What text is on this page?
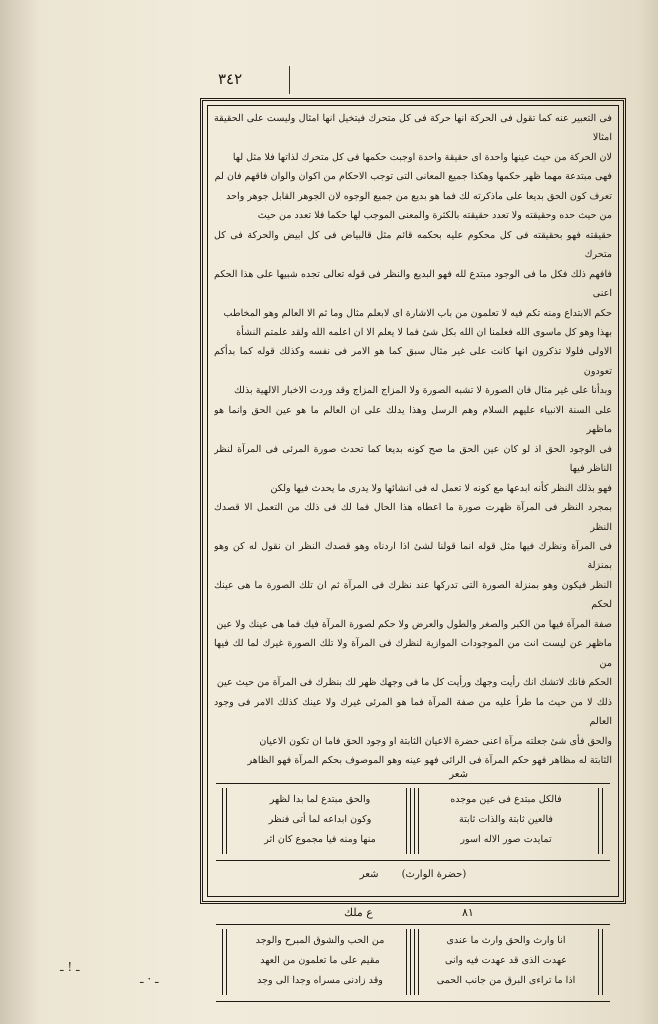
٣٤٢
فى التعبير عنه كما تقول فى الحركة انها حركة فى كل متحرك فيتخيل انها امثال وليست على الحقيقة امثالا
لان الحركة من حيث عينها واحدة اى حقيقة واحدة اوجبت حكمها فى كل متحرك لذاتها فلا مثل لها
فهى مبتدعة مهما ظهر حكمها وهكذا جميع المعانى التى توجب الاحكام من اكوان والوان فاقهم فان لم
تعرف كون الحق بديعا على ماذكرته لك فما هو بديع من جميع الوجوه لان الجوهر القابل جوهر واحد
من حيث حده وحقيقته ولا تعدد حقيقته بالكثرة والمعنى الموجب لها حكما فلا تعدد من حيث
حقيقته فهو بحقيقته فى كل محكوم عليه بحكمه قائم مثل قالبياض فى كل ابيض والحركة فى كل متحرك
فافهم ذلك فكل ما فى الوجود مبتدع لله فهو البديع والنظر فى قوله تعالى تجده شبيها على هذا الحكم اعنى
حكم الابتداع ومنه تكم فيه لا تعلمون من باب الاشارة اى لابعلم مثال وما ثم الا العالم وهو المخاطب
بهذا وهو كل ماسوى الله فعلمنا ان الله بكل شئ فما لا يعلم الا ان اعلمه الله ولقد علمتم النشأة
الاولى فلولا تذكرون انها كانت على غير مثال سبق كما هو الامر فى نفسه وكذلك قوله كما بدأكم تعودون
وبدأنا على غير مثال فان الصورة لا تشبه الصورة ولا المزاج المزاج وقد وردت الاخبار الالهية بذلك
على السنة الانبياء عليهم السلام وهم الرسل وهذا يدلك على ان العالم ما هو عين الحق وانما هو ماظهر
فى الوجود الحق اذ لو كان عين الحق ما صح كونه بديعا كما تحدث صورة المرئى فى المرآة لنظر الناظر فيها
فهو بذلك النظر كأنه ابدعها مع كونه لا تعمل له فى انشائها ولا يدرى ما يحدث فيها ولكن
بمجرد النظر فى المرآة ظهرت صورة ما اعطاه هذا الحال فما لك فى ذلك من التعمل الا قصدك النظر
فى المرآة ونظرك فيها مثل قوله انما قولنا لشئ اذا اردناه وهو قصدك النظر ان نقول له كن وهو بمنزلة
النظر فيكون وهو بمنزلة الصورة التى تدركها عند نظرك فى المرآة ثم ان تلك الصورة ما هى عينك لحكم
صفة المرآة فيها من الكبر والصغر والطول والعرض ولا حكم لصورة المرآة فيك فما هى عينك ولا عين
ماظهر عن ليست انت من الموجودات الموازية لنظرك فى المرآة ولا تلك الصورة غيرك لما لك فيها من
الحكم فانك لاتشك انك رأيت وجهك ورأيت كل ما فى وجهك ظهر لك بنظرك فى المرآة من حيث عين
ذلك لا من حيث ما طرأ عليه من صفة المرآة فما هو المرئى غيرك ولا عينك كذلك الامر فى وجود العالم
والحق فأى شئ جعلته مرآة اعنى حضرة الاعيان الثابتة او وجود الحق فاما ان تكون الاعيان
الثابتة له مظاهر فهو حكم المرآة فى الرائى فهو عينه وهو الموصوف بحكم المرآة فهو الظاهر
شعر
فالكل مبتدع فى عين موجده
فالعين ثابتة والذات ثابتة
تمايدت صور الاله اسور
والحق مبتدع لما بدا لظهر
وكون ابداعه لما أتى فنظر
منها ومنه فيا مجموع كان اثر
(حضرة الوارث) شعر
انا وارث والحق وارث ما عندى
عهدت الذى قد عهدت فيه وانى
اذا ما تراءى البرق من جانب الحمى
من الحب والشوق المبرح والوجد
مقيم على ما تعلمون من العهد
وقد زادنى مسراه وجدا الى وجد
ع ملك	٨١
ـ ! ـ
ـ · ـ
